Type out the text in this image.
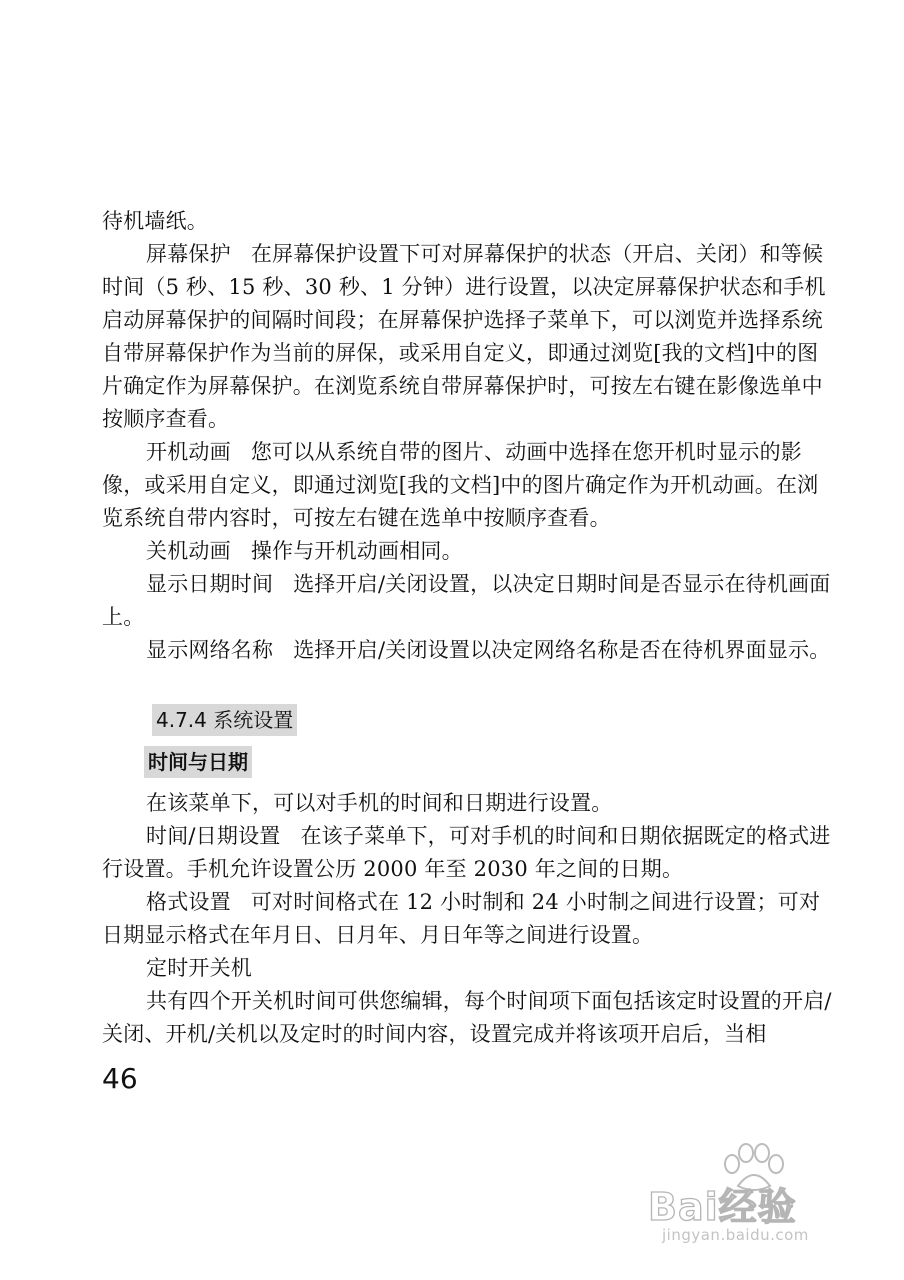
待机墙纸。

屏幕保护 在屏幕保护设置下可对屏幕保护的状态（开启、关闭）和等候时间（5 秒、15 秒、30 秒、1 分钟）进行设置，以决定屏幕保护状态和手机启动屏幕保护的间隔时间段；在屏幕保护选择子菜单下，可以浏览并选择系统自带屏幕保护作为当前的屏保，或采用自定义，即通过浏览[我的文档]中的图片确定作为屏幕保护。在浏览系统自带屏幕保护时，可按左右键在影像选单中按顺序查看。

开机动画 您可以从系统自带的图片、动画中选择在您开机时显示的影像，或采用自定义，即通过浏览[我的文档]中的图片确定作为开机动画。在浏览系统自带内容时，可按左右键在选单中按顺序查看。

关机动画 操作与开机动画相同。

显示日期时间 选择开启/关闭设置，以决定日期时间是否显示在待机画面上。

显示网络名称 选择开启/关闭设置以决定网络名称是否在待机界面显示。

4.7.4 系统设置
时间与日期

在该菜单下，可以对手机的时间和日期进行设置。

时间/日期设置 在该子菜单下，可对手机的时间和日期依据既定的格式进行设置。手机允许设置公历 2000 年至 2030 年之间的日期。

格式设置 可对时间格式在 12 小时制和 24 小时制之间进行设置；可对日期显示格式在年月日、日月年、月日年等之间进行设置。

定时开关机

共有四个开关机时间可供您编辑，每个时间项下面包括该定时设置的开启/关闭、开机/关机以及定时的时间内容，设置完成并将该项开启后，当相

46
Bai经验
jingyan.baidu.com
